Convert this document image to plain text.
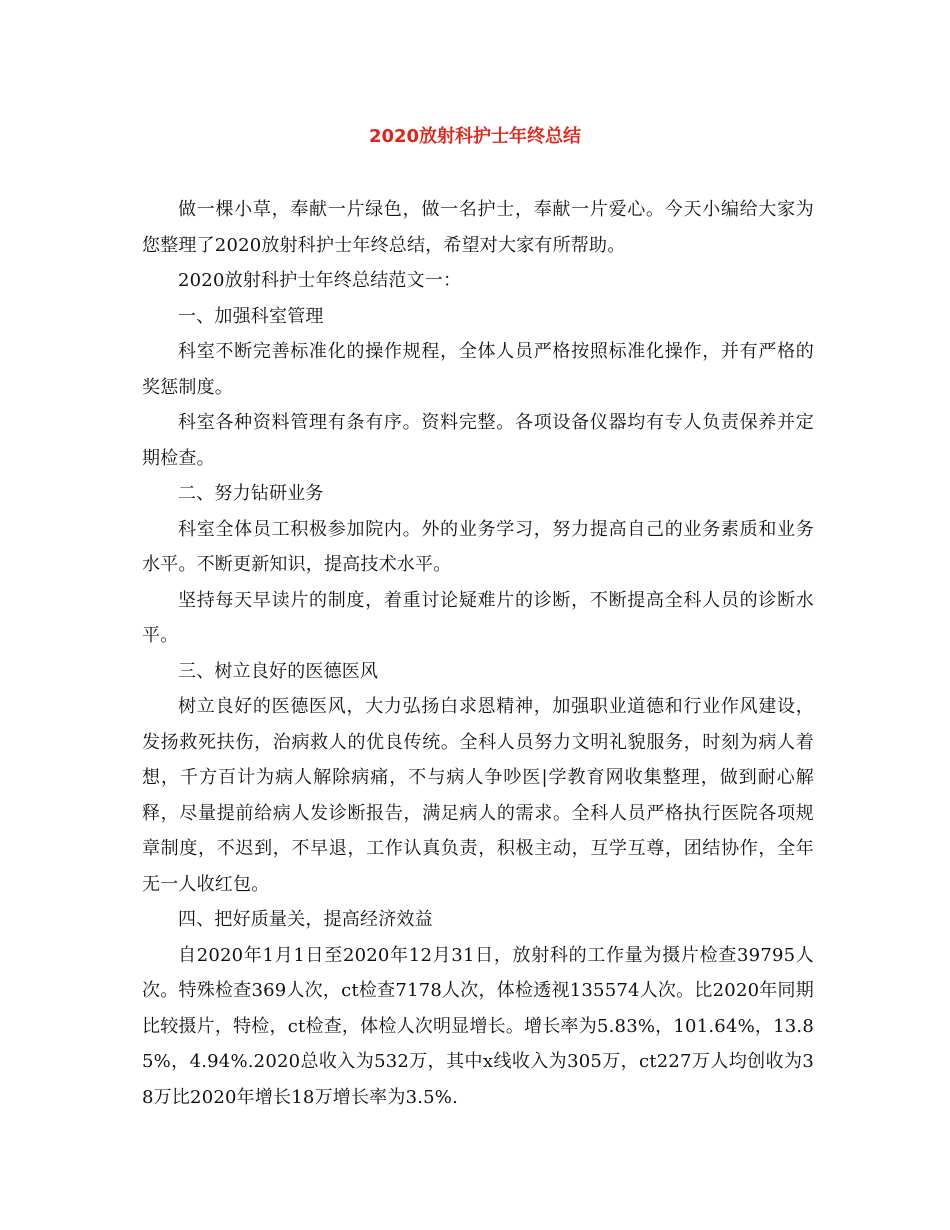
2020放射科护士年终总结

做一棵小草，奉献一片绿色，做一名护士，奉献一片爱心。今天小编给大家为您整理了2020放射科护士年终总结，希望对大家有所帮助。

2020放射科护士年终总结范文一：

一、加强科室管理

科室不断完善标准化的操作规程，全体人员严格按照标准化操作，并有严格的奖惩制度。

科室各种资料管理有条有序。资料完整。各项设备仪器均有专人负责保养并定期检查。

二、努力钻研业务

科室全体员工积极参加院内。外的业务学习，努力提高自己的业务素质和业务水平。不断更新知识，提高技术水平。

坚持每天早读片的制度，着重讨论疑难片的诊断，不断提高全科人员的诊断水平。

三、树立良好的医德医风

树立良好的医德医风，大力弘扬白求恩精神，加强职业道德和行业作风建设，发扬救死扶伤，治病救人的优良传统。全科人员努力文明礼貌服务，时刻为病人着想，千方百计为病人解除病痛，不与病人争吵医|学教育网收集整理，做到耐心解释，尽量提前给病人发诊断报告，满足病人的需求。全科人员严格执行医院各项规章制度，不迟到，不早退，工作认真负责，积极主动，互学互尊，团结协作，全年无一人收红包。

四、把好质量关，提高经济效益

自2020年1月1日至2020年12月31日，放射科的工作量为摄片检查39795人次。特殊检查369人次，ct检查7178人次，体检透视135574人次。比2020年同期比较摄片，特检，ct检查，体检人次明显增长。增长率为5.83%，101.64%，13.85%，4.94%.2020总收入为532万，其中x线收入为305万，ct227万人均创收为38万比2020年增长18万增长率为3.5%.
